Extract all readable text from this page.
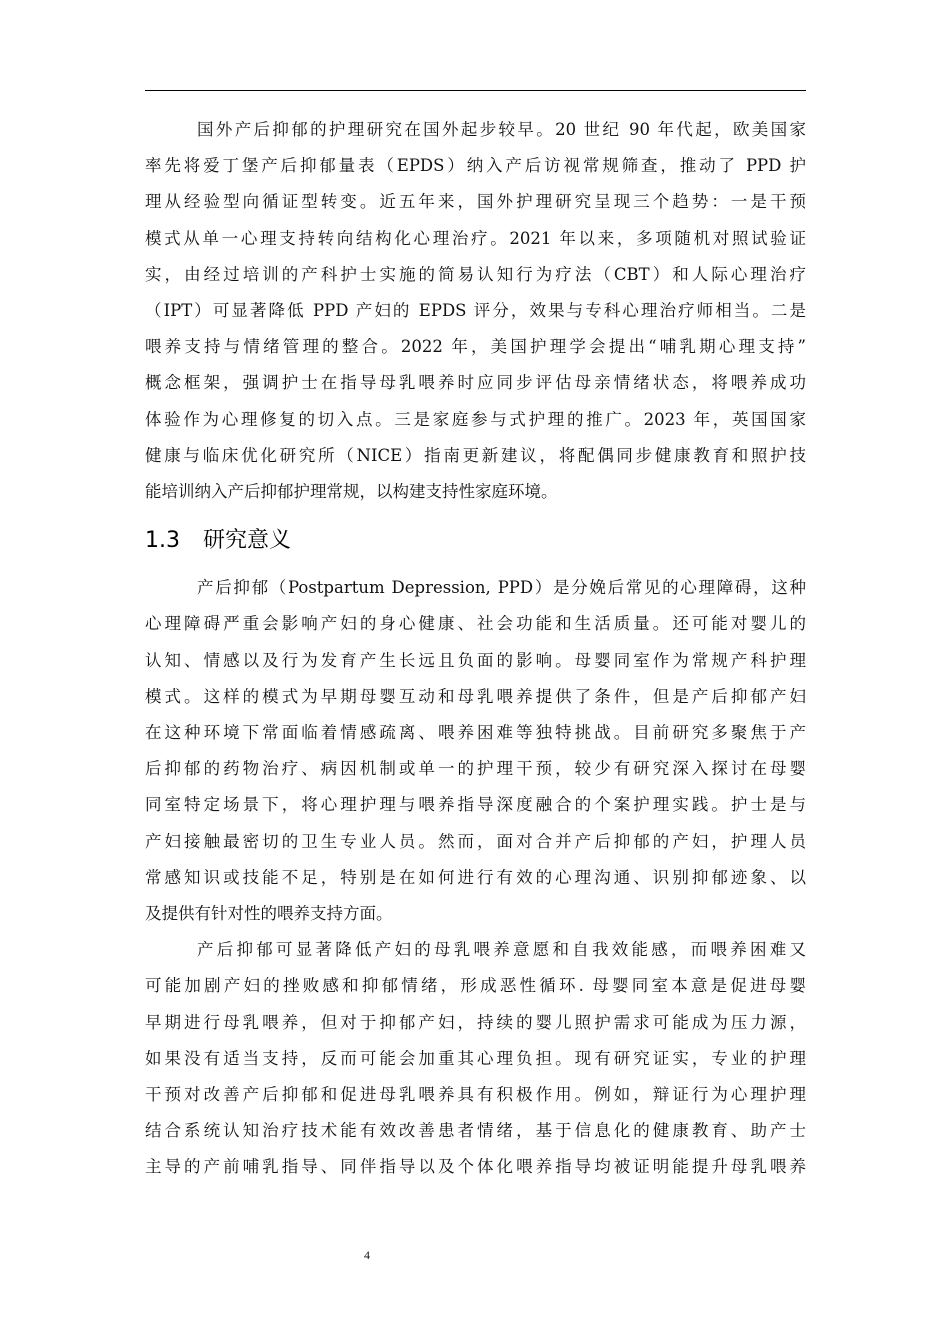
国外产后抑郁的护理研究在国外起步较早。20 世纪 90 年代起，欧美国家
率先将爱丁堡产后抑郁量表（EPDS）纳入产后访视常规筛查，推动了 PPD 护
理从经验型向循证型转变。近五年来，国外护理研究呈现三个趋势：一是干预
模式从单一心理支持转向结构化心理治疗。2021 年以来，多项随机对照试验证
实，由经过培训的产科护士实施的简易认知行为疗法（CBT）和人际心理治疗
（IPT）可显著降低 PPD 产妇的 EPDS 评分，效果与专科心理治疗师相当。二是
喂养支持与情绪管理的整合。2022 年，美国护理学会提出“哺乳期心理支持”
概念框架，强调护士在指导母乳喂养时应同步评估母亲情绪状态，将喂养成功
体验作为心理修复的切入点。三是家庭参与式护理的推广。2023 年，英国国家
健康与临床优化研究所（NICE）指南更新建议，将配偶同步健康教育和照护技
能培训纳入产后抑郁护理常规，以构建支持性家庭环境。

1.3 研究意义

产后抑郁（Postpartum Depression, PPD）是分娩后常见的心理障碍，这种
心理障碍严重会影响产妇的身心健康、社会功能和生活质量。还可能对婴儿的
认知、情感以及行为发育产生长远且负面的影响。母婴同室作为常规产科护理
模式。这样的模式为早期母婴互动和母乳喂养提供了条件，但是产后抑郁产妇
在这种环境下常面临着情感疏离、喂养困难等独特挑战。目前研究多聚焦于产
后抑郁的药物治疗、病因机制或单一的护理干预，较少有研究深入探讨在母婴
同室特定场景下，将心理护理与喂养指导深度融合的个案护理实践。护士是与
产妇接触最密切的卫生专业人员。然而，面对合并产后抑郁的产妇，护理人员
常感知识或技能不足，特别是在如何进行有效的心理沟通、识别抑郁迹象、以
及提供有针对性的喂养支持方面。

产后抑郁可显著降低产妇的母乳喂养意愿和自我效能感，而喂养困难又
可能加剧产妇的挫败感和抑郁情绪，形成恶性循环. 母婴同室本意是促进母婴
早期进行母乳喂养，但对于抑郁产妇，持续的婴儿照护需求可能成为压力源，
如果没有适当支持，反而可能会加重其心理负担。现有研究证实，专业的护理
干预对改善产后抑郁和促进母乳喂养具有积极作用。例如，辩证行为心理护理
结合系统认知治疗技术能有效改善患者情绪，基于信息化的健康教育、助产士
主导的产前哺乳指导、同伴指导以及个体化喂养指导均被证明能提升母乳喂养

4
